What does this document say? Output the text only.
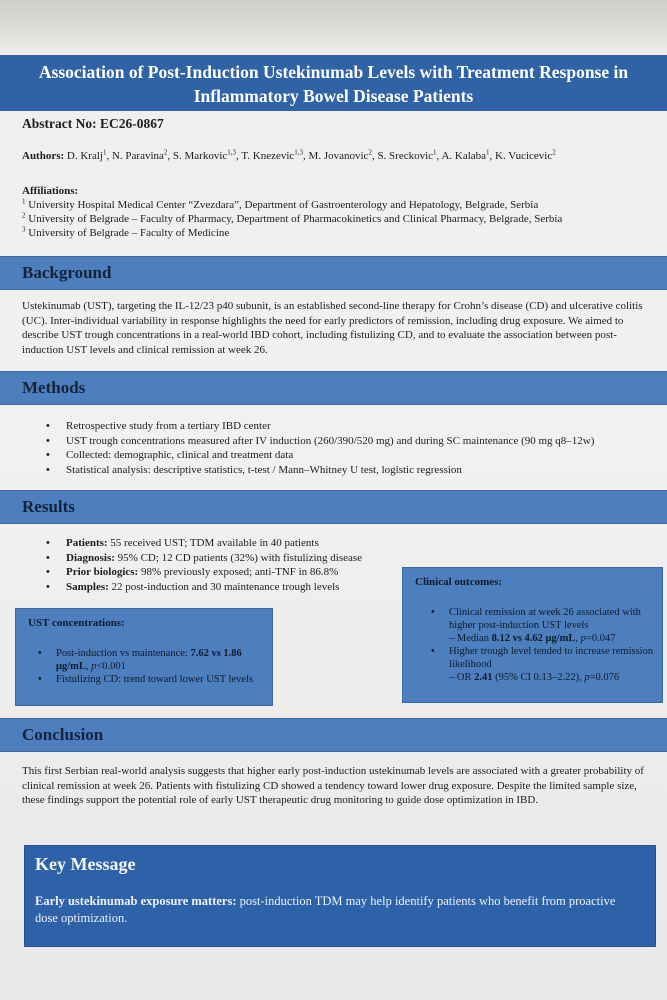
Association of Post-Induction Ustekinumab Levels with Treatment Response in
Inflammatory Bowel Disease Patients
Abstract No: EC26-0867
Authors: D. Kralj$^1$, N. Paravina$^2$, S. Markovic$^{1,3}$, T. Knezevic$^{1,3}$, M. Jovanovic$^2$, S. Sreckovic$^1$, A. Kalaba$^1$, K. Vucicevic$^2$
Affiliations:
$^1$ University Hospital Medical Center “Zvezdara”, Department of Gastroenterology and Hepatology, Belgrade, Serbia
$^2$ University of Belgrade – Faculty of Pharmacy, Department of Pharmacokinetics and Clinical Pharmacy, Belgrade, Serbia
$^3$ University of Belgrade – Faculty of Medicine
Background
Ustekinumab (UST), targeting the IL-12/23 p40 subunit, is an established second-line therapy for Crohn’s disease (CD) and ulcerative colitis (UC). Inter-individual variability in response highlights the need for early predictors of remission, including drug exposure. We aimed to describe UST trough concentrations in a real-world IBD cohort, including fistulizing CD, and to evaluate the association between post-induction UST levels and clinical remission at week 26.
Methods
• Retrospective study from a tertiary IBD center
• UST trough concentrations measured after IV induction (260/390/520 mg) and during SC maintenance (90 mg q8–12w)
• Collected: demographic, clinical and treatment data
• Statistical analysis: descriptive statistics, t-test / Mann–Whitney U test, logistic regression
Results
• Patients: 55 received UST; TDM available in 40 patients
• Diagnosis: 95% CD; 12 CD patients (32%) with fistulizing disease
• Prior biologics: 98% previously exposed; anti-TNF in 86.8%
• Samples: 22 post-induction and 30 maintenance trough levels
UST concentrations:
• Post-induction vs maintenance: 7.62 vs 1.86 μg/mL, p<0.001
• Fistulizing CD: trend toward lower UST levels
Clinical outcomes:
• Clinical remission at week 26 associated with higher post-induction UST levels
– Median 8.12 vs 4.62 μg/mL, p=0.047
• Higher trough level tended to increase remission likelihood
– OR 2.41 (95% CI 0.13–2.22), p=0.076
Conclusion
This first Serbian real-world analysis suggests that higher early post-induction ustekinumab levels are associated with a greater probability of clinical remission at week 26. Patients with fistulizing CD showed a tendency toward lower drug exposure. Despite the limited sample size, these findings support the potential role of early UST therapeutic drug monitoring to guide dose optimization in IBD.
Key Message
Early ustekinumab exposure matters: post-induction TDM may help identify patients who benefit from proactive dose optimization.
